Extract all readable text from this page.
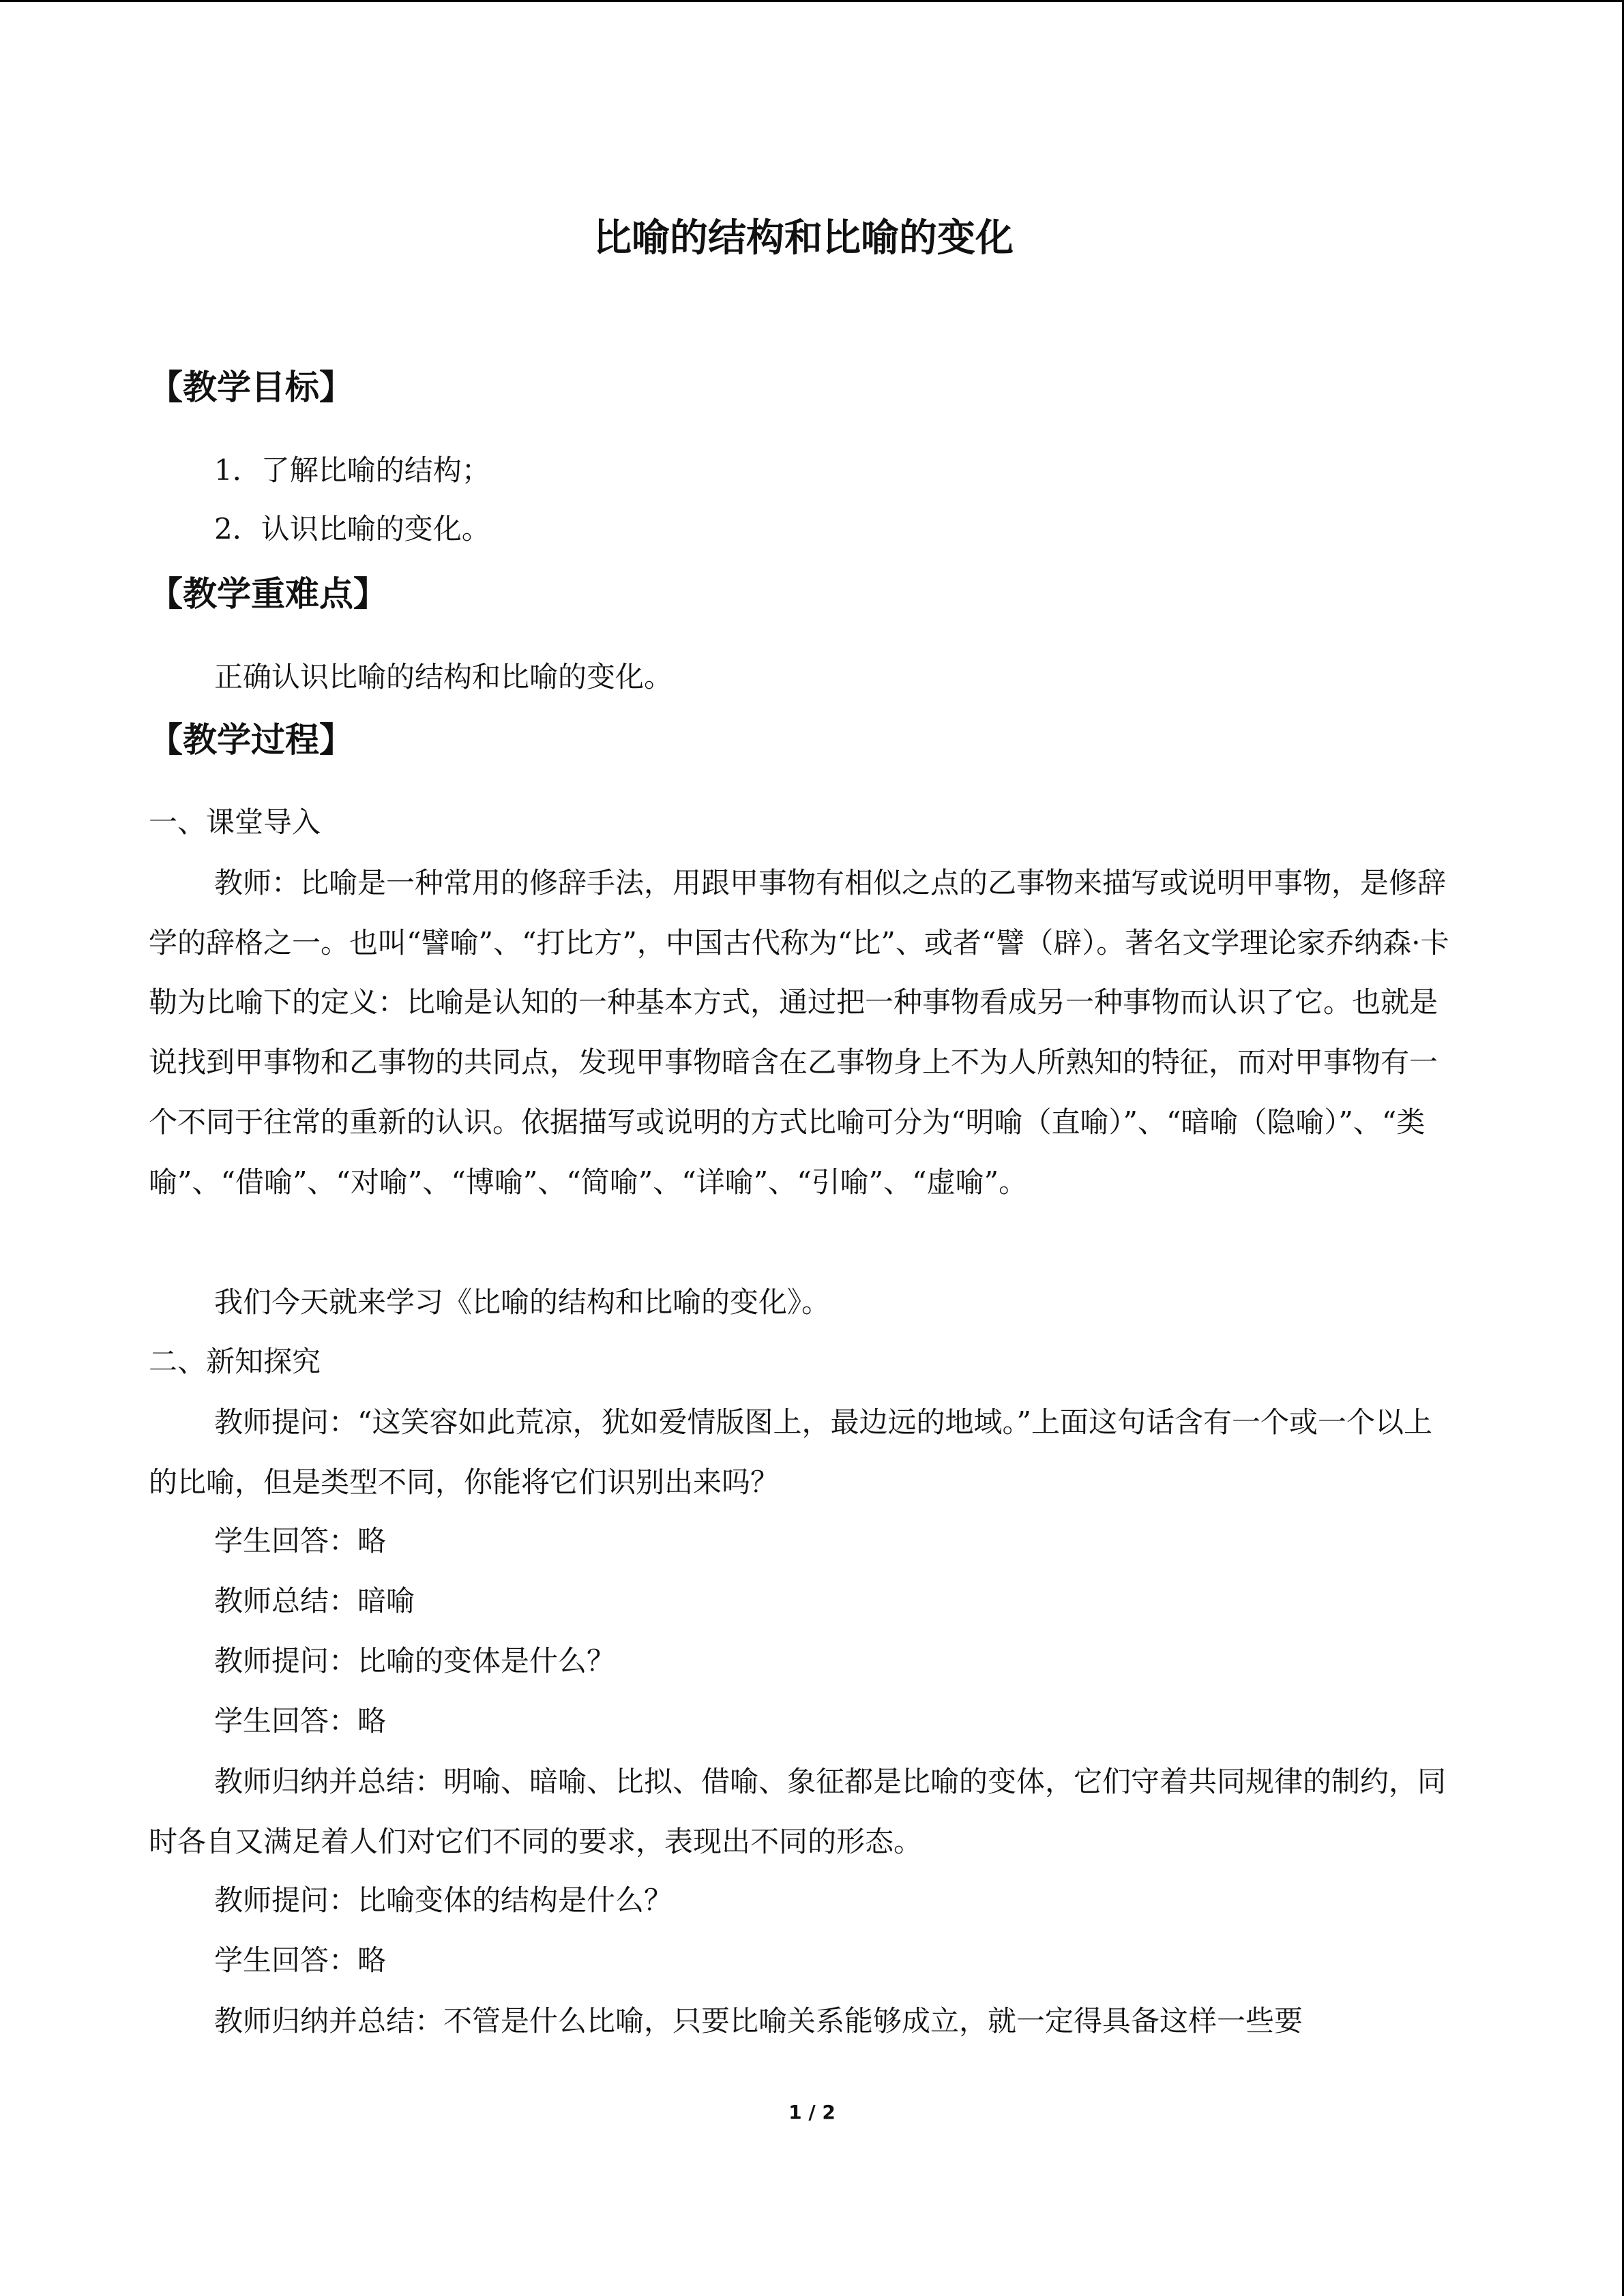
比喻的结构和比喻的变化
【教学目标】

1．了解比喻的结构；

2．认识比喻的变化。

【教学重难点】

正确认识比喻的结构和比喻的变化。

【教学过程】

一、课堂导入

教师：比喻是一种常用的修辞手法，用跟甲事物有相似之点的乙事物来描写或说明甲事物，是修辞学的辞格之一。也叫“譬喻”、“打比方”，中国古代称为“比”、或者“譬（辟）。著名文学理论家乔纳森·卡勒为比喻下的定义：比喻是认知的一种基本方式，通过把一种事物看成另一种事物而认识了它。也就是说找到甲事物和乙事物的共同点，发现甲事物暗含在乙事物身上不为人所熟知的特征，而对甲事物有一个不同于往常的重新的认识。依据描写或说明的方式比喻可分为“明喻（直喻）”、“暗喻（隐喻）”、“类喻”、“借喻”、“对喻”、“博喻”、“简喻”、“详喻”、“引喻”、“虚喻”。

我们今天就来学习《比喻的结构和比喻的变化》。

二、新知探究

教师提问：“这笑容如此荒凉，犹如爱情版图上，最边远的地域。”上面这句话含有一个或一个以上的比喻，但是类型不同，你能将它们识别出来吗？

学生回答：略

教师总结：暗喻

教师提问：比喻的变体是什么？

学生回答：略

教师归纳并总结：明喻、暗喻、比拟、借喻、象征都是比喻的变体，它们守着共同规律的制约，同时各自又满足着人们对它们不同的要求，表现出不同的形态。

教师提问：比喻变体的结构是什么？

学生回答：略

教师归纳并总结：不管是什么比喻，只要比喻关系能够成立，就一定得具备这样一些要

1 / 2
